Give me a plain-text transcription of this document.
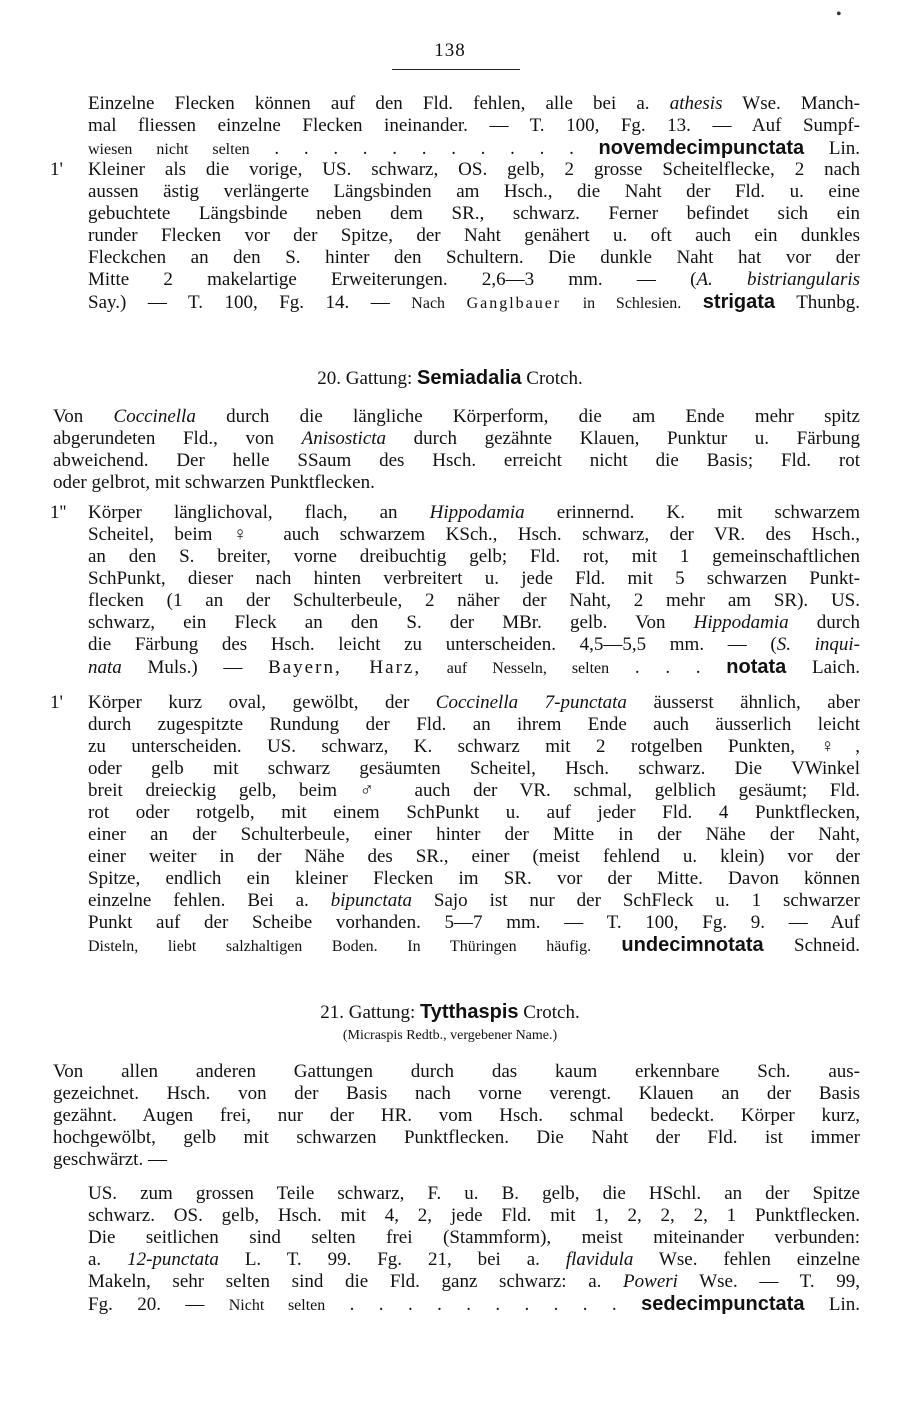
•
138
Einzelne Flecken können auf den Fld. fehlen, alle bei a. athesis Wse. Manch-
mal fliessen einzelne Flecken ineinander. — T. 100, Fg. 13. — Auf Sumpf-
wiesen nicht selten . . . . . . . . . . . novemdecimpunctata Lin.
1' Kleiner als die vorige, US. schwarz, OS. gelb, 2 grosse Scheitelflecke, 2 nach
aussen ästig verlängerte Längsbinden am Hsch., die Naht der Fld. u. eine
gebuchtete Längsbinde neben dem SR., schwarz. Ferner befindet sich ein
runder Flecken vor der Spitze, der Naht genähert u. oft auch ein dunkles
Fleckchen an den S. hinter den Schultern. Die dunkle Naht hat vor der
Mitte 2 makelartige Erweiterungen. 2,6—3 mm. — (A. bistriangularis
Say.) — T. 100, Fg. 14. — Nach Ganglbauer in Schlesien. strigata Thunbg.
20. Gattung: Semiadalia Crotch.
Von Coccinella durch die längliche Körperform, die am Ende mehr spitz
abgerundeten Fld., von Anisosticta durch gezähnte Klauen, Punktur u. Färbung
abweichend. Der helle SSaum des Hsch. erreicht nicht die Basis; Fld. rot
oder gelbrot, mit schwarzen Punktflecken.
1'' Körper länglichoval, flach, an Hippodamia erinnernd. K. mit schwarzem
Scheitel, beim ♀ auch schwarzem KSch., Hsch. schwarz, der VR. des Hsch.,
an den S. breiter, vorne dreibuchtig gelb; Fld. rot, mit 1 gemeinschaftlichen
SchPunkt, dieser nach hinten verbreitert u. jede Fld. mit 5 schwarzen Punkt-
flecken (1 an der Schulterbeule, 2 näher der Naht, 2 mehr am SR). US.
schwarz, ein Fleck an den S. der MBr. gelb. Von Hippodamia durch
die Färbung des Hsch. leicht zu unterscheiden. 4,5—5,5 mm. — (S. inqui-
nata Muls.) — Bayern, Harz, auf Nesseln, selten . . . notata Laich.
1' Körper kurz oval, gewölbt, der Coccinella 7-punctata äusserst ähnlich, aber
durch zugespitzte Rundung der Fld. an ihrem Ende auch äusserlich leicht
zu unterscheiden. US. schwarz, K. schwarz mit 2 rotgelben Punkten, ♀,
oder gelb mit schwarz gesäumten Scheitel, Hsch. schwarz. Die VWinkel
breit dreieckig gelb, beim ♂ auch der VR. schmal, gelblich gesäumt; Fld.
rot oder rotgelb, mit einem SchPunkt u. auf jeder Fld. 4 Punktflecken,
einer an der Schulterbeule, einer hinter der Mitte in der Nähe der Naht,
einer weiter in der Nähe des SR., einer (meist fehlend u. klein) vor der
Spitze, endlich ein kleiner Flecken im SR. vor der Mitte. Davon können
einzelne fehlen. Bei a. bipunctata Sajo ist nur der SchFleck u. 1 schwarzer
Punkt auf der Scheibe vorhanden. 5—7 mm. — T. 100, Fg. 9. — Auf
Disteln, liebt salzhaltigen Boden. In Thüringen häufig. undecimnotata Schneid.
21. Gattung: Tytthaspis Crotch.
(Micraspis Redtb., vergebener Name.)
Von allen anderen Gattungen durch das kaum erkennbare Sch. aus-
gezeichnet. Hsch. von der Basis nach vorne verengt. Klauen an der Basis
gezähnt. Augen frei, nur der HR. vom Hsch. schmal bedeckt. Körper kurz,
hochgewölbt, gelb mit schwarzen Punktflecken. Die Naht der Fld. ist immer
geschwärzt. —
US. zum grossen Teile schwarz, F. u. B. gelb, die HSchl. an der Spitze
schwarz. OS. gelb, Hsch. mit 4, 2, jede Fld. mit 1, 2, 2, 2, 1 Punktflecken.
Die seitlichen sind selten frei (Stammform), meist miteinander verbunden:
a. 12-punctata L. T. 99. Fg. 21, bei a. flavidula Wse. fehlen einzelne
Makeln, sehr selten sind die Fld. ganz schwarz: a. Poweri Wse. — T. 99,
Fg. 20. — Nicht selten . . . . . . . . . . sedecimpunctata Lin.
